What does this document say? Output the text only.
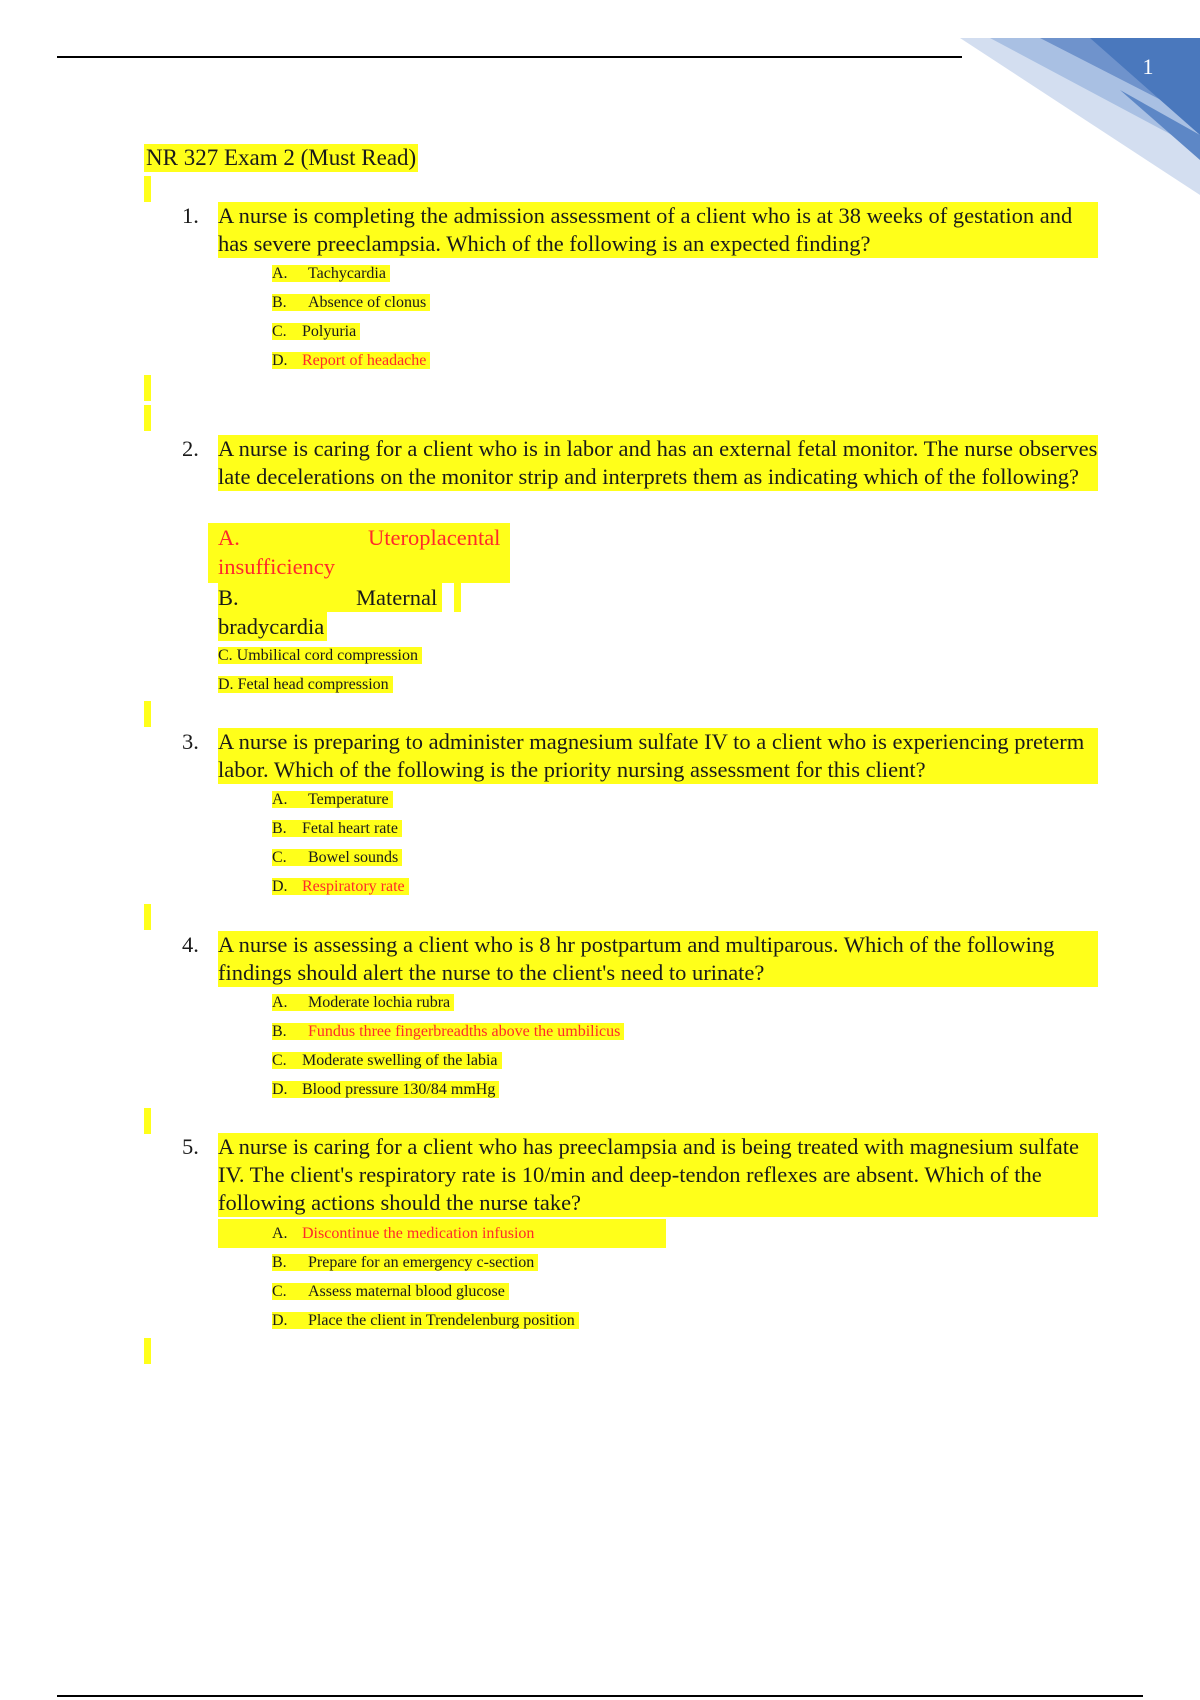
1
NR 327 Exam 2 (Must Read)
1. A nurse is completing the admission assessment of a client who is at 38 weeks of gestation and has severe preeclampsia. Which of the following is an expected finding?
A. Tachycardia
B. Absence of clonus
C. Polyuria
D. Report of headache
2. A nurse is caring for a client who is in labor and has an external fetal monitor. The nurse observes late decelerations on the monitor strip and interprets them as indicating which of the following?
A.	Uteroplacental
insufficiency
B.	Maternal
bradycardia
C. Umbilical cord compression
D. Fetal head compression
3. A nurse is preparing to administer magnesium sulfate IV to a client who is experiencing preterm labor. Which of the following is the priority nursing assessment for this client?
A. Temperature
B. Fetal heart rate
C. Bowel sounds
D. Respiratory rate
4. A nurse is assessing a client who is 8 hr postpartum and multiparous. Which of the following findings should alert the nurse to the client's need to urinate?
A. Moderate lochia rubra
B. Fundus three fingerbreadths above the umbilicus
C. Moderate swelling of the labia
D. Blood pressure 130/84 mmHg
5. A nurse is caring for a client who has preeclampsia and is being treated with magnesium sulfate IV. The client's respiratory rate is 10/min and deep-tendon reflexes are absent. Which of the following actions should the nurse take?
A. Discontinue the medication infusion
B. Prepare for an emergency c-section
C. Assess maternal blood glucose
D. Place the client in Trendelenburg position
